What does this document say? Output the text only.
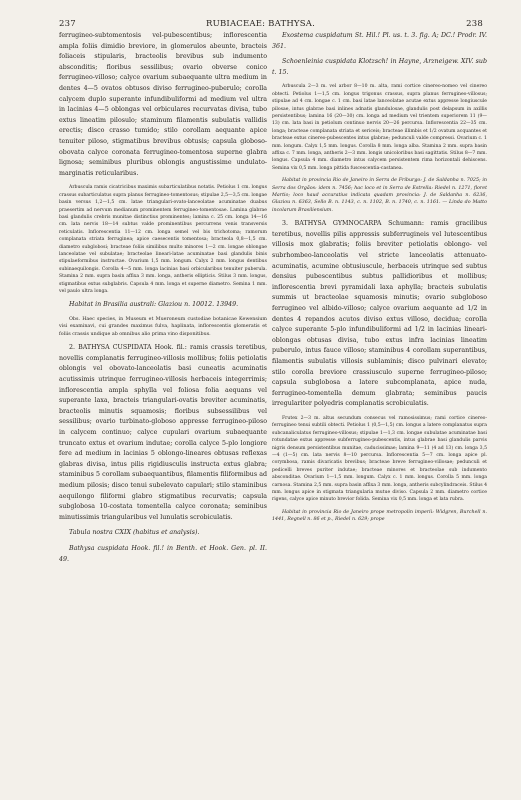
237	RUBIACEAE: BATHYSA.	238

ferrugineo-subtomentosis vel-pubescentibus; inflorescentia ampla foliis dimidio breviore, in glomerulos abeunte, bracteis foliaceis stipularis, bracteolis brevibus sub indumento absconditis; floribus sessilibus; ovario obverse conico ferrugineo-villoso; calyce ovarium subaequante ultra medium in dentes 4—5 ovatos obtusos diviso ferrugineo-puberulo; corolla calycem duplo superante infundibuliformi ad medium vel ultra in lacinias 4—5 oblongas vel orbiculares recurvatas divisa, tubo extus lineatim pilosulo; staminum filamentis subulatis vallidis erectis; disco crasso tumido; stilo corollam aequante apice tenuiter piloso, stigmatibus brevibus obtusis; capsula globoso-obovata calyce coronata ferrugineo-tomentosa superne glabra lignosa; seminibus pluribus oblongis angustissime undulato-marginatis reticularibus.

Arbuscula ramis cicatricibus maximis subarticulatibus notatis. Petiolus 1 cm. longus crassus subarticulatus supra planus ferrugineo-tomentosus; stipulae 2,5—3,5 cm. longae basin versus 1,2—1,5 cm. latae triangulari-ovato-lanceolatae acuminatae duabus praesertim ad nervum medianum prominentem ferrugineo-tomentosae. Lamina glabrae basi glandulis crebris munitae distinctius prominentes; lamina c. 25 cm. longa 14—16 cm. lata nervis 18—14 subtus valde prominentibus percurrens venis transversis reticulatis. Inflorescentia 11—12 cm. longa semel vel bis trichotoma; ramorum complanata striata ferruginea; apice caesecentis tomentosa; bracteola 0,8—1,5 cm. diametro subglobosi; bracteae foliis similibus multo minores 1—2 cm. longae oblongae lanceolatae vel subulatae; bracteolae lineari-latae acuminatae basi glandulis binis stipulaeformibus instructae. Ovarium 1,5 mm. longum. Calyx 2 mm. longus dentibus subinaequilongis. Corolla 4—5 mm. longa lacinias basi orbicularibus tenuiter puberula. Stamina 2 mm. supra basin affixa 3 mm. longa, antheris ellipticis. Stilus 3 mm. longus, stigmatibus extus subglabris. Capsula 4 mm. longa et superne diametro. Semina 1 mm. vel paulo ultra longa.

Habitat in Brasilia australi: Glaziou n. 10012. 13949.

Obs. Haec species, in Museum et Mueroneum custodiae botanicae Kewensium visi examinavi, cui grandes maximus fulva, haplinata, inflorescentis glomeratis et foliis crassis undique ab omnibus alio prima vino disponitibus.

2. BATHYSA CUSPIDATA Hook. fil.: ramis crassis teretibus, novellis complanatis ferrugineo-villosis mollibus; foliis petiolatis oblongis vel obovato-lanceolatis basi cuneatis acuminatis acutissimis utrinque ferrugineo-villosis herbaceis integerrimis; inflorescentia ampla sphylla vel foliosa folia aequans vel superante laxa, bracteis triangulari-ovatis breviter acuminatis, bracteolis minutis squamosis; floribus subsessilibus vel sessilibus; ovario turbinato-globoso appresse ferrugineo-piloso in calycem continuo; calyce cupulari ovarium subaequante truncato extus et ovarium indutae; corolla calyce 5-plo longiore fere ad medium in lacinias 5 oblongo-lineares obtusas reflexas glabras divisa, intus pilis rigidiusculis instructa extus glabra; staminibus 5 corollam subaequantibus, filamentis filiformibus ad medium pilosis; disco tenui subelevato capulari; stilo staminibus aequilongo filiformi glabro stigmatibus recurvatis; capsula subglobosa 10-costata tomentella calyce coronata; seminibus minutissimis triangularibus vel lunulatis scrobiculatis.

Tabula nostra CXIX (habitus et analysis).

Bathysa cuspidata Hook. fil.! in Benth. et Hook. Gen. pl. II. 49.

Exostema cuspidatum St. Hil.! Pl. us. t. 3. fig. A; DC.! Prodr. IV. 361.

Schoenleinia cuspidata Klotzsch! in Hayne, Arzneigew. XIV. sub t. 15.

Arbuscula 2—3 m. vel arbor 8—10 m. alta, rami cortice cinereo-nomeo vel cinereo obtecti. Petiolus 1—1,5 cm. longus trigonus crassus, supra planus ferrugineo-villosus; stipulae ad 4 cm. longae c. 1 cm. basi latae lanceolatae acutae extus appresse longiuscule pilosae, intus glabrae basi inlines adnatis glandulosae, glandulis post delapsum in axillis persistentibus; lamina 16 (20—30) cm. longa ad medium vel trientem superiorem 11 (9—13) cm. lata basi in petiolum continuo nervis 20—26 percursa. Inflorescentia 22—35 cm. longa; bracteae complanata striata et sericeis; bracteae illimbis et 1/2 ovatum acquantes et bracteae extus cinereo-pubescentes intus glabrae; pedunculi valde compressi. Ovarium c. 1 mm. longum. Calyx 1,5 mm. longus. Corolla 8 mm. longa alba. Stamina 2 mm. supra basin affixa c. 7 mm. longa, antheris 2—3 mm. longis unicoloribus basi sagittatis. Stilus 8—7 mm. longus. Capsula 4 mm. diametro intus calycem persistentem rima horizontali dehiscens. Semina vix 0,5 mm. longa pittida fuscescentia-castanea.

Habitat in provincia Rio de Janeiro in Serra de Friburgo: J. de Saldanha n. 7025; in Serra dos Orgãos: idem n. 7456; hac loco et in Serra de Estrella: Riedel n. 1271, floret Martio; loco haud accuratius indicata quadam provincia: J. de Saldanha n. 6236, Glaziou n. 6363, Sello B. n. 1143, c. n. 1102, B. n. 1740, c. n. 1161. — Linda do Matto incolarum Brasiliensium.

3. BATHYSA GYMNOCARPA Schumann: ramis gracilibus teretibus, novellis pilis appressis subferrugineis vel lutescentibus villosis mox glabratis; foliis breviter petiolatis oblongo- vel subrhombeo-lanceolatis vel stricte lanceolatis attenuato-acuminatis, acumine obtusiuscule, herbaceis utrinque sed subtus densius pubescentibus subtus pallidioribus et mollibus; inflorescentia brevi pyramidali laxa aphylla; bracteis subulatis summis ut bracteolae squamosis minutis; ovario subgloboso ferrugineo vel albido-villoso; calyce ovarium aequante ad 1/2 in dentes 4 repandos acutos diviso extus villoso, decidua; corolla calyce superante 5-plo infundibuliformi ad 1/2 in lacinias lineari-oblongas obtusas divisa, tubo extus infra lacinias lineatim puberulo, intus fauce villoso; staminibus 4 corollam superantibus, filamentis subulatis villosis sublaminis; disco pulvinari elevato; stilo corolla breviore crassiusculo superne ferrugineo-piloso; capsula subglobosa a latere subcomplanata, apice nuda, ferrugineo-tomentella demum glabrata; seminibus paucis irregulariter polyedris complanatis scrobiculatis.

Frutex 2—3 m. altus secundum consecus vel ramosissimus; rami cortice cinereo-ferrugineo tenui subtili obtecti. Petiolus 1 (0,5—1,5) cm. longus a latere complanatus supra subcanaliculatus ferrugineo-villosus; stipulae 1—1,3 cm. longae subulatae acuminatae basi rotundatae extus appresse subferrugineo-pubescentis, intus glabrae basi glandulis parvis nigris densum persistentibus munitae, caducissimae; lamina 9—11 (4 ad 13) cm. longa 3,5—4 (1—5) cm. lata nervis 8—10 percursa. Inflorescentia 5—7 cm. longa apice pl. corymbosa, ramis divaricatis brevibus; bracteae breve ferrugineo-villosae; pedunculi et pedicelli breves puriter indutae; bracteae minores et bracteolae sub indumento absconditae. Ovarium 1—1,5 mm. longum. Calyx c. 1 mm. longus. Corolla 5 mm. longa carnosa. Stamina 2,5 mm. supra basin affixa 3 mm. longa, antheris subcylindraceis. Stilus 4 mm. longus apice in stigmata triangularia mutue diviso. Capsula 2 mm. diametro cortice rigens, calyce apice minuto brevior folida. Semina vix 0,5 mm. longa et lata rubra.

Habitat in provincia Rio de Janeiro prope metropolin imperii: Widgren, Burchell n. 1441, Regnell n. 86 et p., Riedel n. 629; prope
